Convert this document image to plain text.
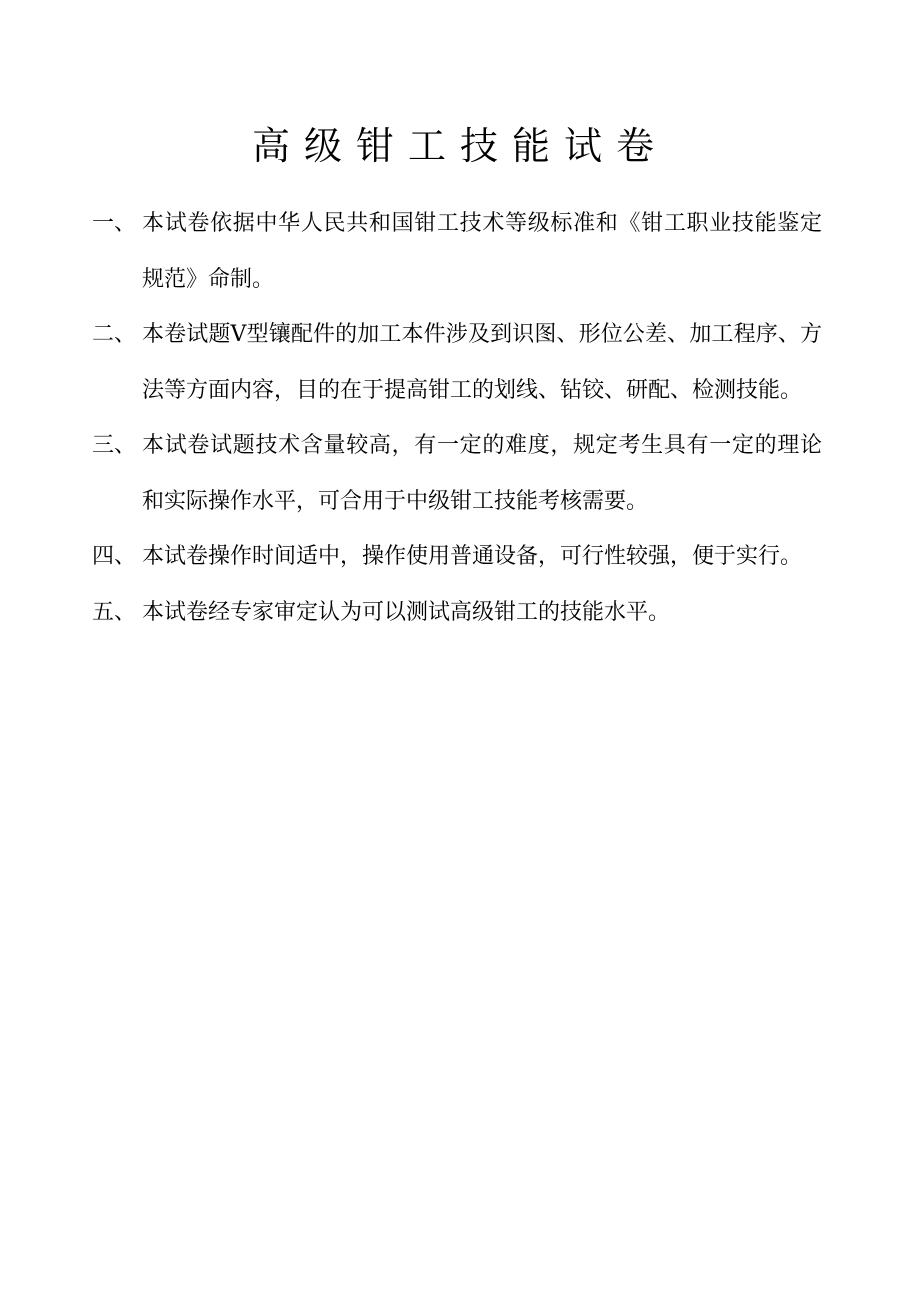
高级钳工技能试卷
一、 本试卷依据中华人民共和国钳工技术等级标准和《钳工职业技能鉴定规范》命制。
二、 本卷试题V型镶配件的加工本件涉及到识图、形位公差、加工程序、方法等方面内容，目的在于提高钳工的划线、钻铰、研配、检测技能。
三、 本试卷试题技术含量较高，有一定的难度，规定考生具有一定的理论和实际操作水平，可合用于中级钳工技能考核需要。
四、 本试卷操作时间适中，操作使用普通设备，可行性较强，便于实行。
五、 本试卷经专家审定认为可以测试高级钳工的技能水平。
